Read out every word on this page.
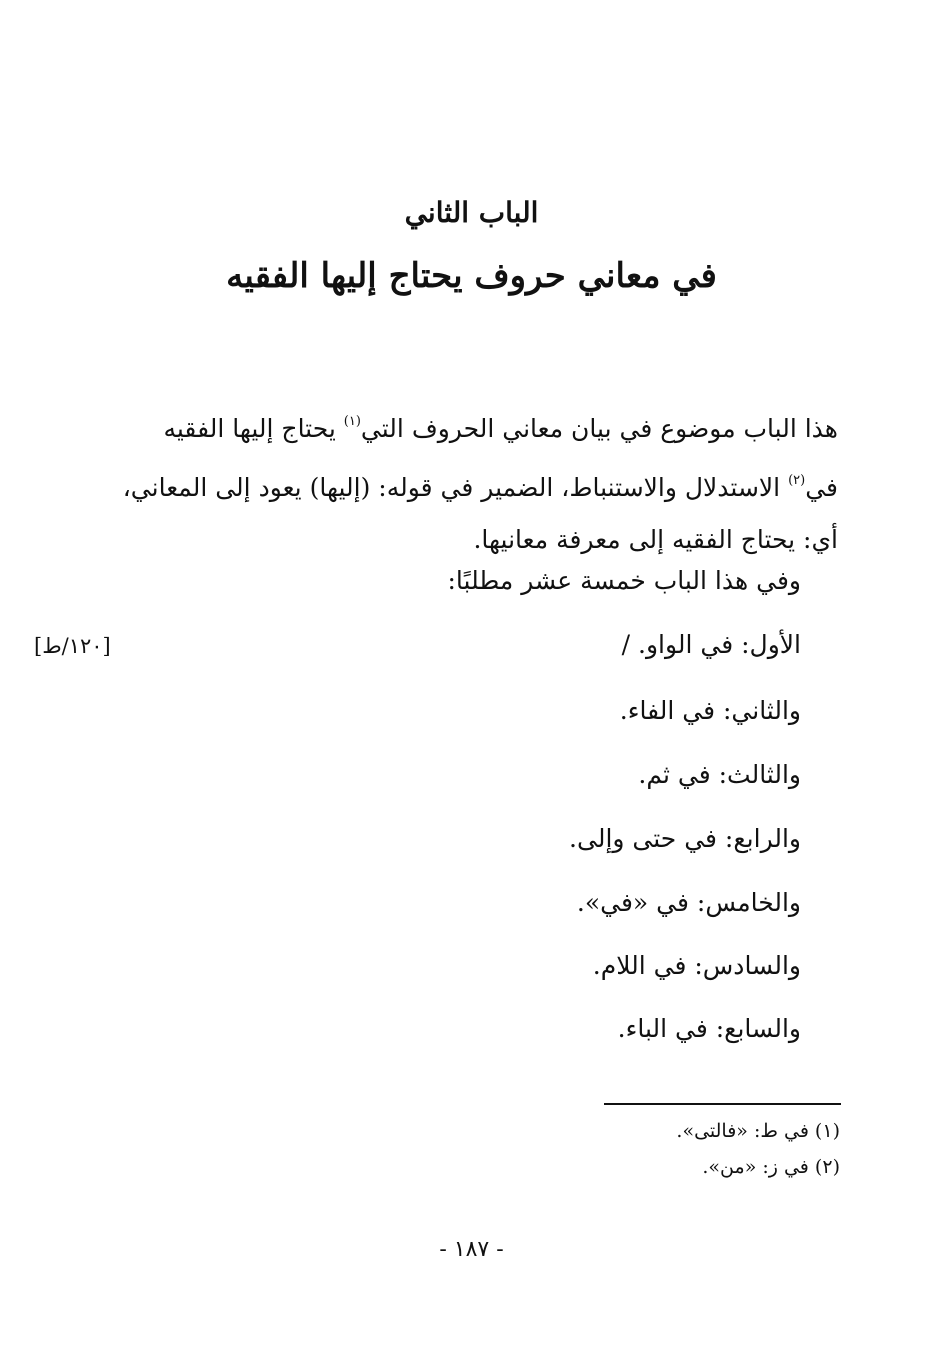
الباب الثاني
في معاني حروف يحتاج إليها الفقيه
هذا الباب موضوع في بيان معاني الحروف التي$^{(١)}$ يحتاج إليها الفقيه
في$^{(٢)}$ الاستدلال والاستنباط، الضمير في قوله: (إليها) يعود إلى المعاني،
أي: يحتاج الفقيه إلى معرفة معانيها.
وفي هذا الباب خمسة عشر مطلبًا:
الأول: في الواو. /
والثاني: في الفاء.
والثالث: في ثم.
والرابع: في حتى وإلى.
والخامس: في «في».
والسادس: في اللام.
والسابع: في الباء.
[١٢٠/ط]
(١) في ط: «فالتى».
(٢) في ز: «من».
- ١٨٧ -
